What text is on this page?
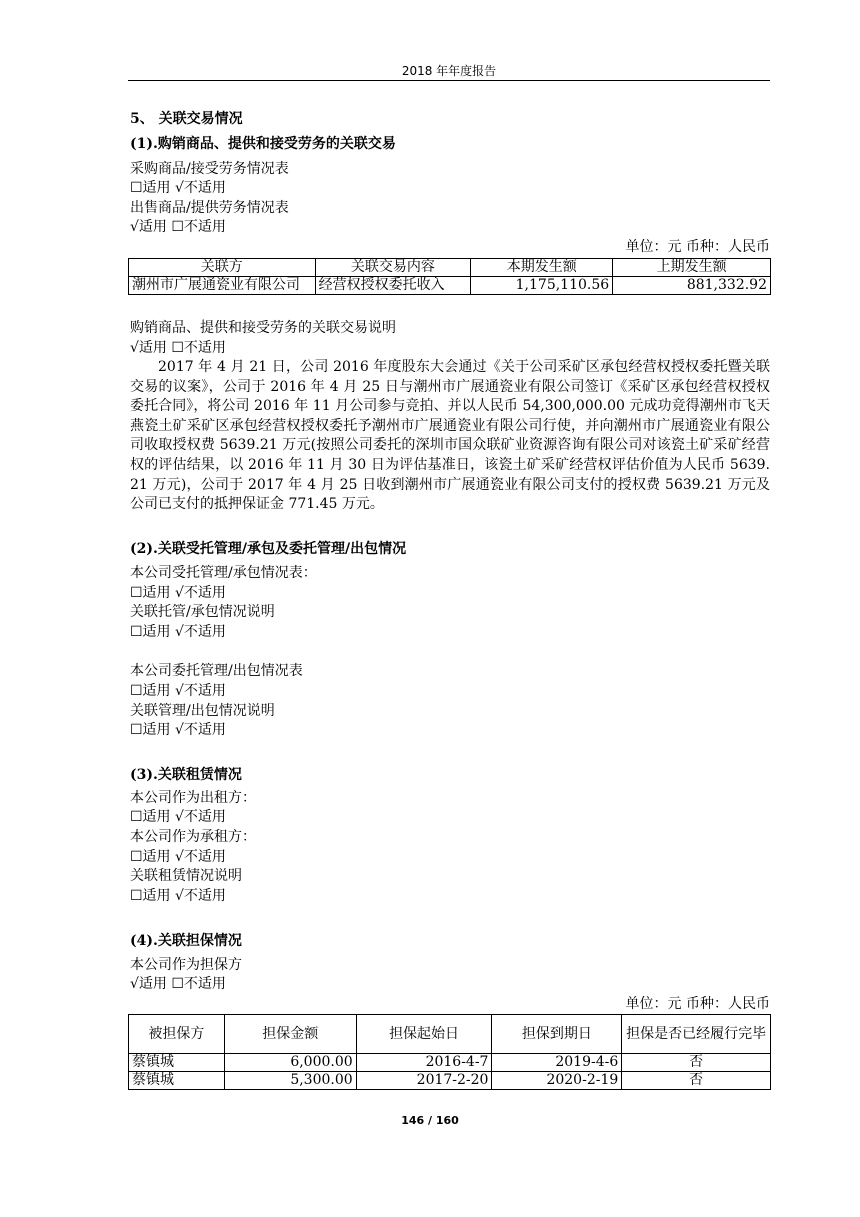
2018 年年度报告
5、 关联交易情况
(1).购销商品、提供和接受劳务的关联交易
采购商品/接受劳务情况表
☐适用 √不适用
出售商品/提供劳务情况表
√适用 ☐不适用
单位：元 币种：人民币
关联方	关联交易内容	本期发生额	上期发生额
潮州市广展通瓷业有限公司	经营权授权委托收入	1,175,110.56	881,332.92
购销商品、提供和接受劳务的关联交易说明
√适用 ☐不适用
2017 年 4 月 21 日，公司 2016 年度股东大会通过《关于公司采矿区承包经营权授权委托暨关联交易的议案》，公司于 2016 年 4 月 25 日与潮州市广展通瓷业有限公司签订《采矿区承包经营权授权委托合同》，将公司 2016 年 11 月公司参与竞拍、并以人民币 54,300,000.00 元成功竞得潮州市飞天燕瓷土矿采矿区承包经营权授权委托予潮州市广展通瓷业有限公司行使，并向潮州市广展通瓷业有限公司收取授权费 5639.21 万元(按照公司委托的深圳市国众联矿业资源咨询有限公司对该瓷土矿采矿经营权的评估结果，以 2016 年 11 月 30 日为评估基准日，该瓷土矿采矿经营权评估价值为人民币 5639.21 万元)，公司于 2017 年 4 月 25 日收到潮州市广展通瓷业有限公司支付的授权费 5639.21 万元及公司已支付的抵押保证金 771.45 万元。
(2).关联受托管理/承包及委托管理/出包情况
本公司受托管理/承包情况表：
☐适用 √不适用
关联托管/承包情况说明
☐适用 √不适用
本公司委托管理/出包情况表
☐适用 √不适用
关联管理/出包情况说明
☐适用 √不适用
(3).关联租赁情况
本公司作为出租方：
☐适用 √不适用
本公司作为承租方：
☐适用 √不适用
关联租赁情况说明
☐适用 √不适用
(4).关联担保情况
本公司作为担保方
√适用 ☐不适用
单位：元 币种：人民币
被担保方	担保金额	担保起始日	担保到期日	担保是否已经履行完毕
蔡镇城	6,000.00	2016-4-7	2019-4-6	否
蔡镇城	5,300.00	2017-2-20	2020-2-19	否
146 / 160
